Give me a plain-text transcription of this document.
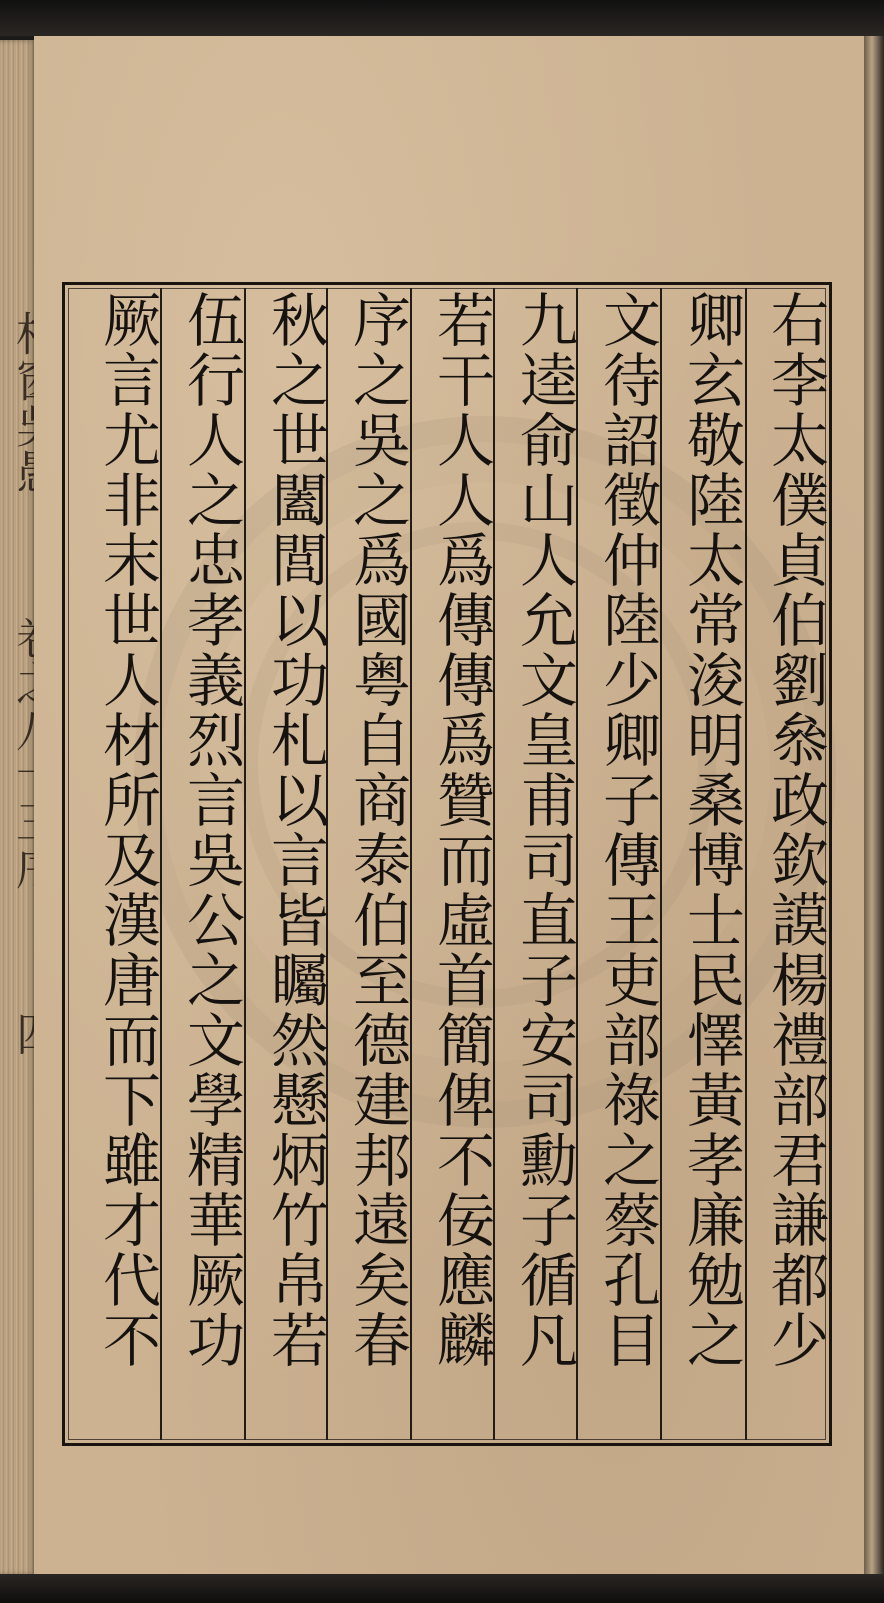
右李太僕貞伯劉叅政欽謨楊禮部君謙都少
卿玄敬陸太常浚明桑博士民懌黃孝廉勉之
文待詔徵仲陸少卿子傳王吏部祿之蔡孔目
九逵俞山人允文皇甫司直子安司勳子循凡
若干人人爲傳傳爲贊而虛首簡俾不佞應麟
序之吳之爲國粤自商泰伯至德建邦遠矣春
秋之世闔閭以功札以言皆矚然懸炳竹帛若
伍行人之忠孝義烈言吳公之文學精華厥功
厥言尤非末世人材所及漢唐而下雖才代不
